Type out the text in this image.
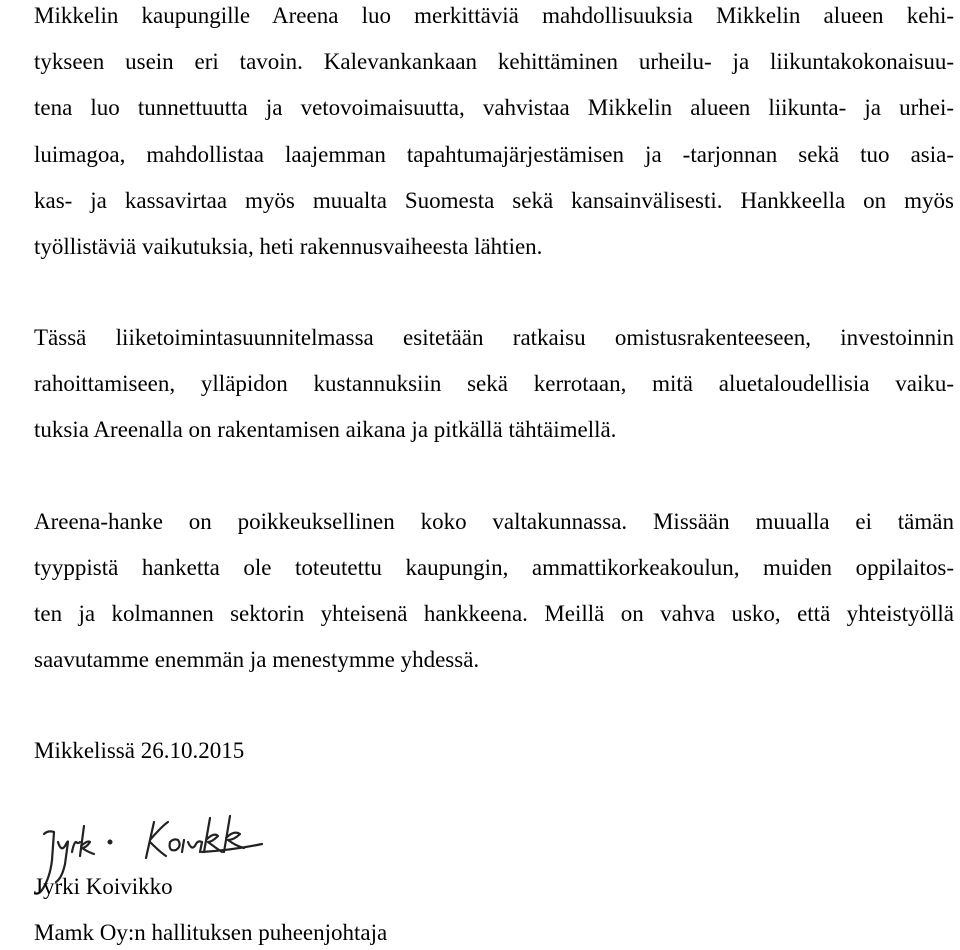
Mikkelin kaupungille Areena luo merkittäviä mahdollisuuksia Mikkelin alueen kehi-
tykseen usein eri tavoin. Kalevankankaan kehittäminen urheilu- ja liikuntakokonaisuu-
tena luo tunnettuutta ja vetovoimaisuutta, vahvistaa Mikkelin alueen liikunta- ja urhei-
luimagoa, mahdollistaa laajemman tapahtumajärjestämisen ja -tarjonnan sekä tuo asia-
kas- ja kassavirtaa myös muualta Suomesta sekä kansainvälisesti. Hankkeella on myös
työllistäviä vaikutuksia, heti rakennusvaiheesta lähtien.
Tässä liiketoimintasuunnitelmassa esitetään ratkaisu omistusrakenteeseen, investoinnin
rahoittamiseen, ylläpidon kustannuksiin sekä kerrotaan, mitä aluetaloudellisia vaiku-
tuksia Areenalla on rakentamisen aikana ja pitkällä tähtäimellä.
Areena-hanke on poikkeuksellinen koko valtakunnassa. Missään muualla ei tämän
tyyppistä hanketta ole toteutettu kaupungin, ammattikorkeakoulun, muiden oppilaitos-
ten ja kolmannen sektorin yhteisenä hankkeena. Meillä on vahva usko, että yhteistyöllä
saavutamme enemmän ja menestymme yhdessä.
Mikkelissä 26.10.2015
Jyrki Koivikko
Mamk Oy:n hallituksen puheenjohtaja
